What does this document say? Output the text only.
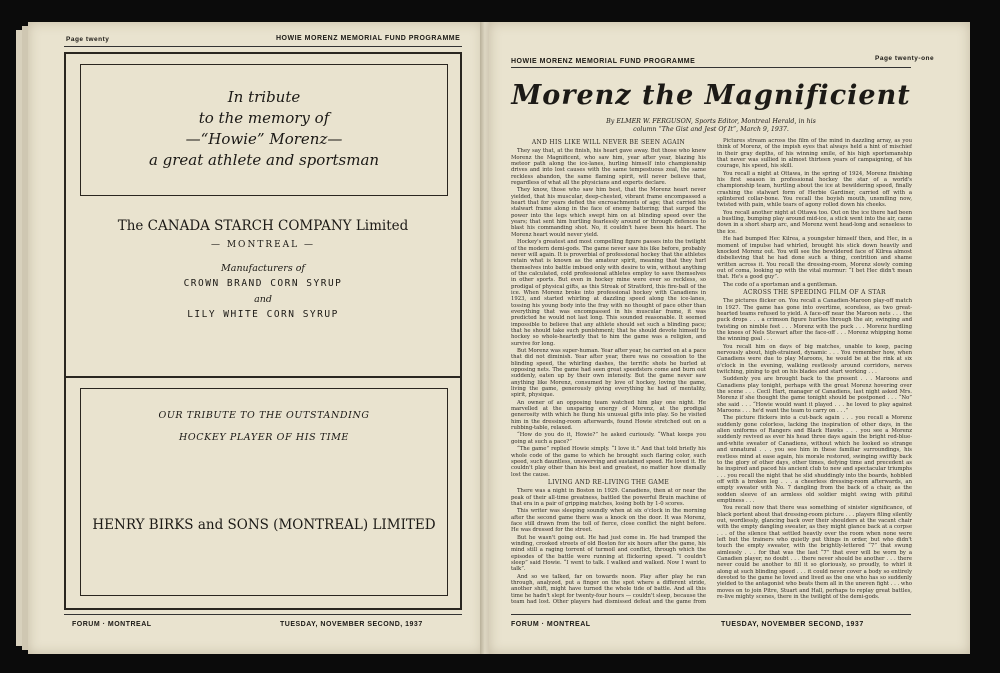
Page twenty	HOWIE MORENZ MEMORIAL FUND PROGRAMME
In tribute
to the memory of
—“Howie” Morenz—
a great athlete and sportsman
The CANADA STARCH COMPANY Limited
— MONTREAL —
Manufacturers of
CROWN BRAND CORN SYRUP
and
LILY WHITE CORN SYRUP
OUR TRIBUTE TO THE OUTSTANDING
HOCKEY PLAYER OF HIS TIME
HENRY BIRKS and SONS (MONTREAL) LIMITED
FORUM · MONTREAL	TUESDAY, NOVEMBER SECOND, 1937
HOWIE MORENZ MEMORIAL FUND PROGRAMME	Page twenty-one
Morenz the Magnificient
By ELMER W. FERGUSON, Sports Editor, Montreal Herald, in his
column “The Gist and Jest Of It”, March 9, 1937.
AND HIS LIKE WILL NEVER BE SEEN AGAIN

They say that, at the finish, his heart gave away. But those who knew Morenz the Magnificent, who saw him, year after year, blazing his meteor path along the ice-lanes, hurling himself into championship drives and into lost causes with the same tempestuous zeal, the same reckless abandon, the same flaming spirit, will never believe that, regardless of what all the physicians and experts declare.

They know, those who saw him best, that the Morenz heart never yielded, that his muscular, deep-chested, vibrant frame encompassed a heart that for years defied the encroachments of age; that carried his stalwart frame along in the face of enemy battering; that surged the power into the legs which swept him on at blinding speed over the years; that sent him hurtling fearlessly around or through defences to blast his commanding shot. No, it couldn't have been his heart. The Morenz heart would never yield.

Hockey's greatest and most compelling figure passes into the twilight of the modern demi-gods. The game never saw his like before, probably never will again. It is proverbial of professional hockey that the athletes retain what is known as the amateur spirit, meaning that they hurl themselves into battle imbued only with desire to win, without anything of the calculated, cold professional athletes employ to save themselves in other sports. But even in hockey mine were ever so reckless, so prodigal of physical gifts, as this Streak of Stratford, this fire-ball of the ice. When Morenz broke into professional hockey with Canadiens in 1923, and started whirling at dazzling speed along the ice-lanes, tossing his young body into the fray with no thought of pace other than everything that was encompassed in his muscular frame, it was predicted he would not last long. This sounded reasonable. It seemed impossible to believe that any athlete should set such a blinding pace; that he should take such punishment; that he should devote himself to hockey so whole-heartedly that to him the game was a religion, and survive for long.

But Morenz was super-human. Year after year, he carried on at a pace that did not diminish. Year after year, there was no cessation to the blinding speed, the whirling dashes, the terrific shots he hurled at opposing nets. The game had seen great speedsters come and burn out suddenly, eaten up by their own intensity. But the game never saw anything like Morenz, consumed by love of hockey, loving the game, living the game, generously giving everything he had of mentality, spirit, physique.

An owner of an opposing team watched him play one night. He marvelled at the unsparing energy of Morenz, at the prodigal generosity with which he flung his unusual gifts into play. So he visited him in the dressing-room afterwards, found Howie stretched out on a rubbing-table, relaxed.

“How do you do it, Howie?” he asked curiously. “What keeps you going at such a pace?”

“The game” replied Howie simply. “I love it.” And that told briefly his whole code of the game to which he brought such flaring color, such speed, such dauntless, unswerving and sustained speed. He loved it. He couldn't play other than his best and greatest, no matter how dismally lost the cause.

LIVING AND RE-LIVING THE GAME

There was a night in Boston in 1929. Canadiens, then at or near the peak of their all-time greatness, battled the powerful Bruin machine of that era in a pair of gripping matches, losing both by 1-0 scores.

This writer was sleeping soundly when at six o'clock in the morning after the second game there was a knock on the door. It was Morenz, face still drawn from the toll of fierce, close conflict the night before. He was dressed for the street.

But he wasn't going out. He had just come in. He had tramped the winding, crooked streets of old Boston for six hours after the game, his mind still a raging torrent of turmoil and conflict, through which the episodes of the battle were running at flickering speed. “I couldn't sleep” said Howie. “I went to talk. I walked and walked. Now I want to talk”.

And so we talked, far on towards noon. Play after play he ran through, analyzed, put a finger on the spot where a different stride, another shift, might have turned the whole tide of battle. And all this time he hadn't slept for twenty-four hours — couldn't sleep, because the team had lost. Other players had dismissed defeat and the game from

Pictures stream across the film of the mind in dazzling array, as you think of Morenz, of the impish eyes that always held a hint of mischief in their gray depths, of his winning smile, of his high sportsmanship that never was sullied in almost thirteen years of campaigning, of his courage, his speed, his skill.

You recall a night at Ottawa, in the spring of 1924, Morenz finishing his first season in professional hockey the star of a world's championship team, hurtling about the ice at bewildering speed, finally crashing the stalwart form of Herbie Gardiner, carried off with a splintered collar-bone. You recall the boyish mouth, unsmiling now, twisted with pain, while tears of agony rolled down his cheeks.

You recall another night at Ottawa too. Out on the ice there had been a bustling, bumping play around mid-ice, a stick went into the air, came down in a short sharp arc, and Morenz went head-long and senseless to the ice.

He had bumped Hec Kilrea, a youngster himself then, and Hec, in a moment of impulse had whirled, brought his stick down heavily and knocked Morenz out. You will see the bewildered face of Kilrea almost disbelieving that he had done such a thing, contrition and shame written across it. You recall the dressing-room, Morenz slowly coming out of coma, looking up with the vital murmur: “I bet Hec didn't mean that. He's a good guy”.

The code of a sportsman and a gentleman.

ACROSS THE SPEEDING FILM OF A STAR

The pictures flicker on. You recall a Canadien-Maroon play-off match in 1927. The game has gone into overtime, scoreless, as two great-hearted teams refused to yield. A face-off near the Maroon nets . . . the puck drops . . . a crimson figure hurtles through the air, swinging and twisting on nimble feet . . . Morenz with the puck . . . Morenz hurdling the knees of Nels Stewart after the face-off . . . Morenz whipping home the winning goal . . .

You recall him on days of big matches, unable to keep, pacing nervously about, high-strained, dynamic . . . You remember how, when Canadiens were due to play Maroons, he would be at the rink at six o'clock in the evening, walking restlessly around corridors, nerves twitching, pining to get on his blades and start working . . .

Suddenly you are brought back to the present . . . Maroons and Canadiens play tonight, perhaps with the great Morenz hovering over the scene . . . Cecil Hart, manager of Canadiens, last night asked Mrs. Morenz if she thought the game tonight should be postponed . . . “No” she said . . . “Howie would want it played . . . he loved to play against Maroons . . . he'd want the team to carry on . . .”

The picture flickers into a cut-back again . . . you recall a Morenz suddenly gone colorless, lacking the inspiration of other days, in the alien uniforms of Rangers and Black Hawks . . . you see a Morenz suddenly revived as ever his head three days again the bright red-blue-and-white sweater of Canadiens, without which he looked so strange and unnatural . . . you see him in these familiar surroundings, his restless mind at ease again, his morale restored, swinging swiftly back to the glory of other days, other times, defying time and precedent as he inspired and paced his ancient club to new and spectacular triumphs . . . you recall the night that he slid shuddingly into the boards, hobbled off with a broken leg . . . a cheerless dressing-room afterwards, an empty sweater with No. 7 dangling from the back of a chair, as the sodden sleeve of an armless old soldier might swing with pitiful emptiness . . .

You recall now that there was something of sinister significance, of black portent about that dressing-room picture . . . players filing silently out, wordlessly, glancing back over their shoulders at the vacant chair with the empty dangling sweater, as they might glance back at a corpse . . . of the silence that settled heavily over the room when none were left but the trainers who quietly put things in order, but who didn't touch the empty sweater, with the brightly-lettered “7” that swung aimlessly . . . for that was the last “7” that ever will be worn by a Canadien player, no doubt . . . there never should be another . . . there never could be another to fill it so gloriously, so proudly, to whirl it along at such blinding speed . . . it could never cover a body so entirely devoted to the game he loved and lived as the one who has so suddenly yielded to the antagonist who beats them all in the uneven fight . . . who moves on to join Pitre, Stuart and Hall, perhaps to replay great battles, re-live mighty scenes, there in the twilight of the demi-gods.

FORUM · MONTREAL	TUESDAY, NOVEMBER SECOND, 1937
